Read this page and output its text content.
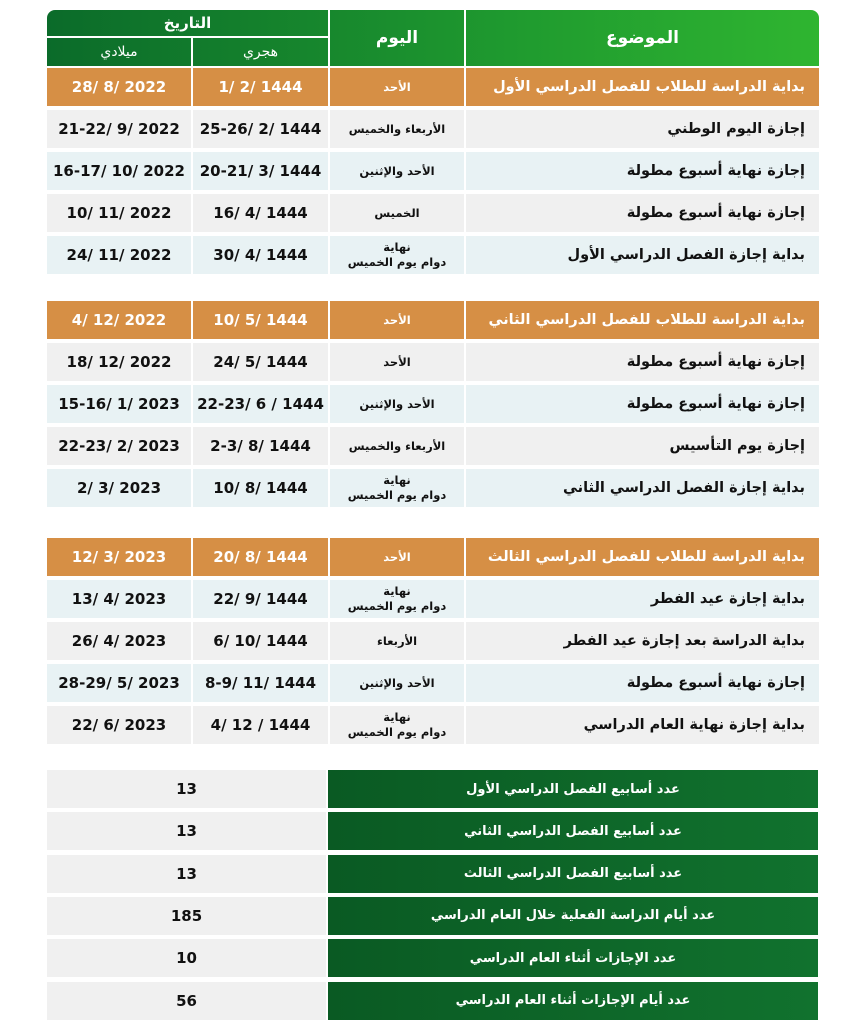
الموضوع
اليوم
التاريخ
هجري
ميلادي
بداية الدراسة للطلاب للفصل الدراسي الأول
الأحد
1/ 2/ 1444
28/ 8/ 2022
إجازة اليوم الوطني
الأربعاء والخميس
25-26/ 2/ 1444
21-22/ 9/ 2022
إجازة نهاية أسبوع مطولة
الأحد والإثنين
20-21/ 3/ 1444
16-17/ 10/ 2022
إجازة نهاية أسبوع مطولة
الخميس
16/ 4/ 1444
10/ 11/ 2022
بداية إجازة الفصل الدراسي الأول
نهاية
دوام يوم الخميس
30/ 4/ 1444
24/ 11/ 2022
بداية الدراسة للطلاب للفصل الدراسي الثاني
الأحد
10/ 5/ 1444
4/ 12/ 2022
إجازة نهاية أسبوع مطولة
الأحد
24/ 5/ 1444
18/ 12/ 2022
إجازة نهاية أسبوع مطولة
الأحد والإثنين
22-23/ 6 / 1444
15-16/ 1/ 2023
إجازة يوم التأسيس
الأربعاء والخميس
2-3/ 8/ 1444
22-23/ 2/ 2023
بداية إجازة الفصل الدراسي الثاني
نهاية
دوام يوم الخميس
10/ 8/ 1444
2/ 3/ 2023
بداية الدراسة للطلاب للفصل الدراسي الثالث
الأحد
20/ 8/ 1444
12/ 3/ 2023
بداية إجازة عيد الفطر
نهاية
دوام يوم الخميس
22/ 9/ 1444
13/ 4/ 2023
بداية الدراسة بعد إجازة عيد الفطر
الأربعاء
6/ 10/ 1444
26/ 4/ 2023
إجازة نهاية أسبوع مطولة
الأحد والإثنين
8-9/ 11/ 1444
28-29/ 5/ 2023
بداية إجازة نهاية العام الدراسي
نهاية
دوام يوم الخميس
4/ 12 / 1444
22/ 6/ 2023
عدد أسابيع الفصل الدراسي الأول
13
عدد أسابيع الفصل الدراسي الثاني
13
عدد أسابيع الفصل الدراسي الثالث
13
عدد أيام الدراسة الفعلية خلال العام الدراسي
185
عدد الإجازات أثناء العام الدراسي
10
عدد أيام الإجازات أثناء العام الدراسي
56
